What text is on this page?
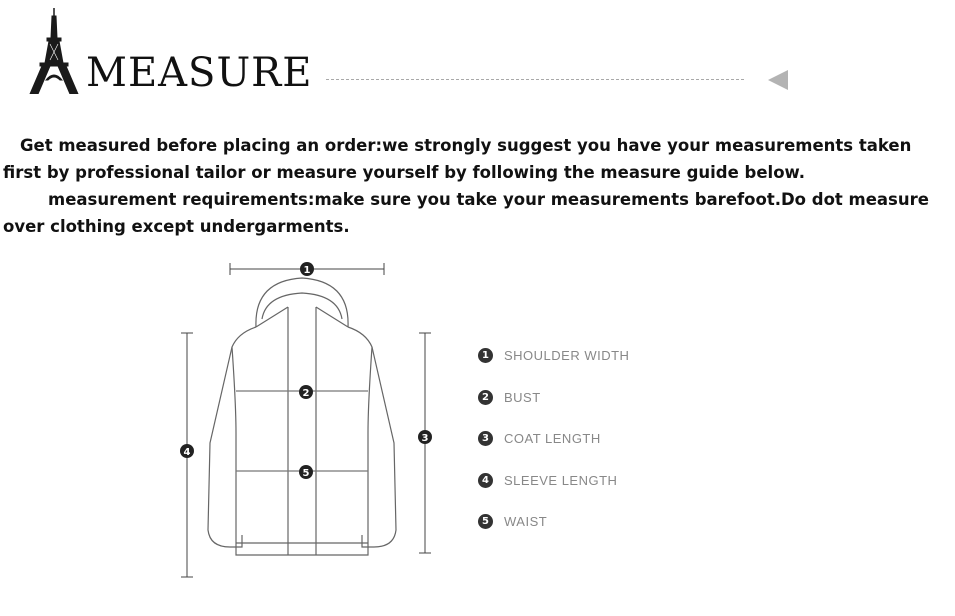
MEASURE

Get measured before placing an order:we strongly suggest you have your measurements taken first by professional tailor or measure yourself by following the measure guide below.

measurement requirements:make sure you take your measurements barefoot.Do dot measure over clothing except undergarments.

1
2
3
4
5
1	SHOULDER WIDTH
2	BUST
3	COAT LENGTH
4	SLEEVE LENGTH
5	WAIST
